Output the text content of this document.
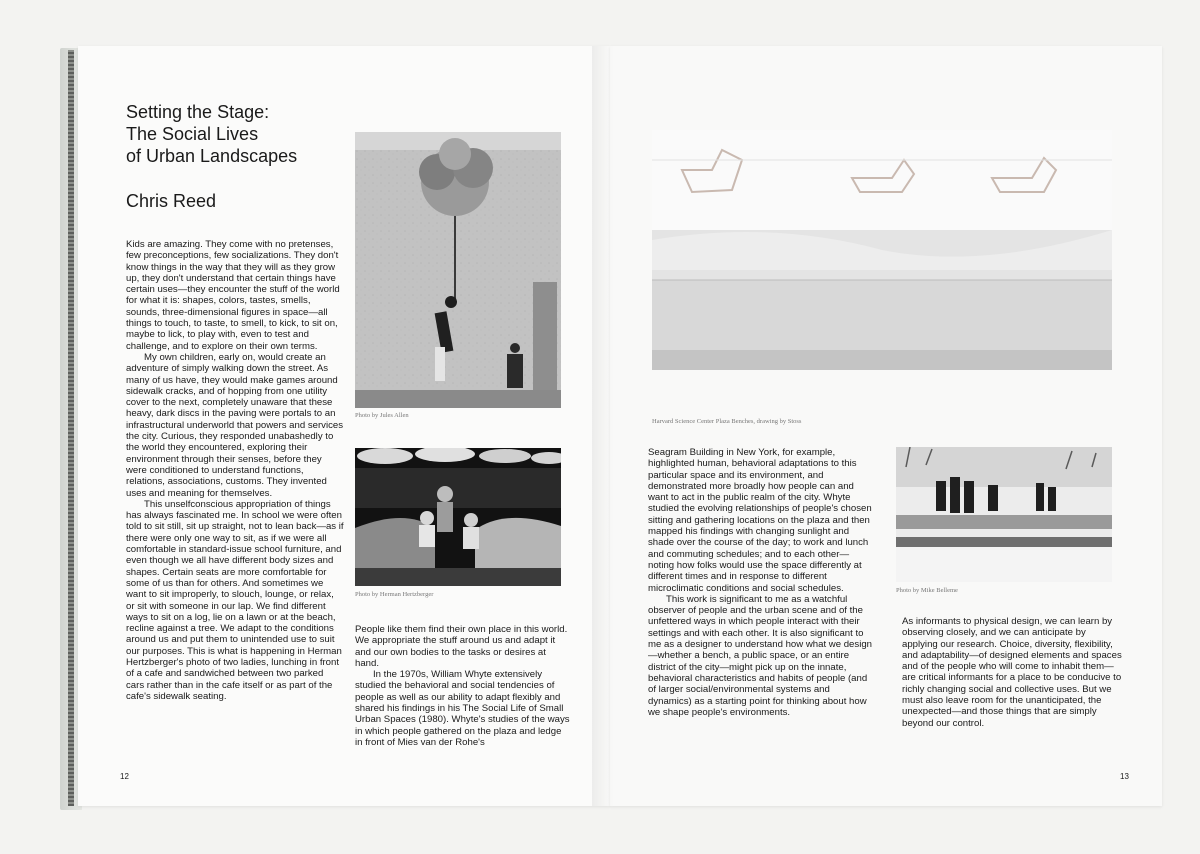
Setting the Stage:
The Social Lives
of Urban Landscapes
Chris Reed

Kids are amazing. They come with no pretenses, few preconceptions, few socializations. They don't know things in the way that they will as they grow up, they don't understand that certain things have certain uses—they encounter the stuff of the world for what it is: shapes, colors, tastes, smells, sounds, three-dimensional figures in space—all things to touch, to taste, to smell, to kick, to sit on, maybe to lick, to play with, even to test and challenge, and to explore on their own terms.

My own children, early on, would create an adventure of simply walking down the street. As many of us have, they would make games around sidewalk cracks, and of hopping from one utility cover to the next, completely unaware that these heavy, dark discs in the paving were portals to an infrastructural underworld that powers and services the city. Curious, they responded unabashedly to the world they encountered, exploring their environment through their senses, before they were conditioned to understand functions, relations, associations, customs. They invented uses and meaning for themselves.

This unselfconscious appropriation of things has always fascinated me. In school we were often told to sit still, sit up straight, not to lean back—as if there were only one way to sit, as if we were all comfortable in standard-issue school furniture, and even though we all have different body sizes and shapes. Certain seats are more comfortable for some of us than for others. And sometimes we want to sit improperly, to slouch, lounge, or relax, or sit with someone in our lap. We find different ways to sit on a log, lie on a lawn or at the beach, recline against a tree. We adapt to the conditions around us and put them to unintended use to suit our purposes. This is what is happening in Herman Hertzberger's photo of two ladies, lunching in front of a cafe and sandwiched between two parked cars rather than in the cafe itself or as part of the cafe's sidewalk seating.

Photo by Jules Allen
Photo by Herman Hertzberger

People like them find their own place in this world. We appropriate the stuff around us and adapt it and our own bodies to the tasks or desires at hand.

In the 1970s, William Whyte extensively studied the behavioral and social tendencies of people as well as our ability to adapt flexibly and shared his findings in his The Social Life of Small Urban Spaces (1980). Whyte's studies of the ways in which people gathered on the plaza and ledge in front of Mies van der Rohe's

12
Harvard Science Center Plaza Benches, drawing by Stoss

Seagram Building in New York, for example, highlighted human, behavioral adaptations to this particular space and its environment, and demonstrated more broadly how people can and want to act in the public realm of the city. Whyte studied the evolving relationships of people's chosen sitting and gathering locations on the plaza and then mapped his findings with changing sunlight and shade over the course of the day; to work and lunch and commuting schedules; and to each other—noting how folks would use the space differently at different times and in response to different microclimatic conditions and social schedules.

This work is significant to me as a watchful observer of people and the urban scene and of the unfettered ways in which people interact with their settings and with each other. It is also significant to me as a designer to understand how what we design—whether a bench, a public space, or an entire district of the city—might pick up on the innate, behavioral characteristics and habits of people (and of larger social/environmental systems and dynamics) as a starting point for thinking about how we shape people's environments.

Photo by Mike Belleme

As informants to physical design, we can learn by observing closely, and we can anticipate by applying our research. Choice, diversity, flexibility, and adaptability—of designed elements and spaces and of the people who will come to inhabit them—are critical informants for a place to be conducive to richly changing social and collective uses. But we must also leave room for the unanticipated, the unexpected—and those things that are simply beyond our control.

13
